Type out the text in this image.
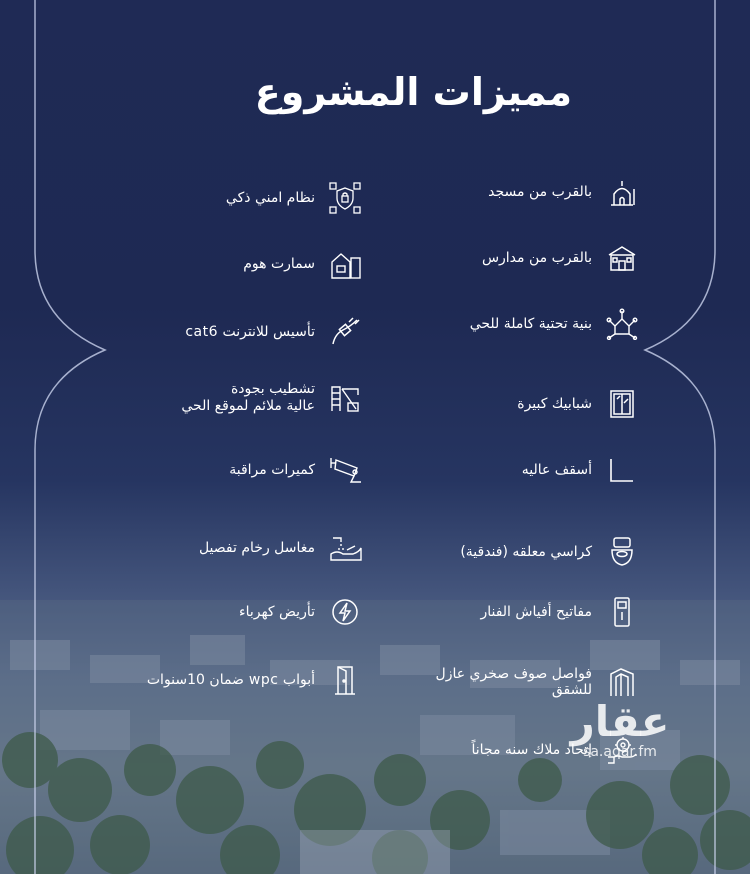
مميزات المشروع
بالقرب من مسجد
بالقرب من مدارس
بنية تحتية كاملة للحي
شبابيك كبيرة
أسقف عاليه
كراسي معلقه (فندقية)
مفاتيح أفياش الفنار
فواصل صوف صخري عازل للشقق
إتحاد ملاك سنه مجاناً
نظام امني ذكي
سمارت هوم
تأسيس للانترنت cat6
تشطيب بجودة
عالية ملائم لموقع الحي
كميرات مراقبة
مغاسل رخام تفصيل
تأريض كهرباء
أبواب wpc ضمان 10سنوات
عقار
sa.aqar.fm
